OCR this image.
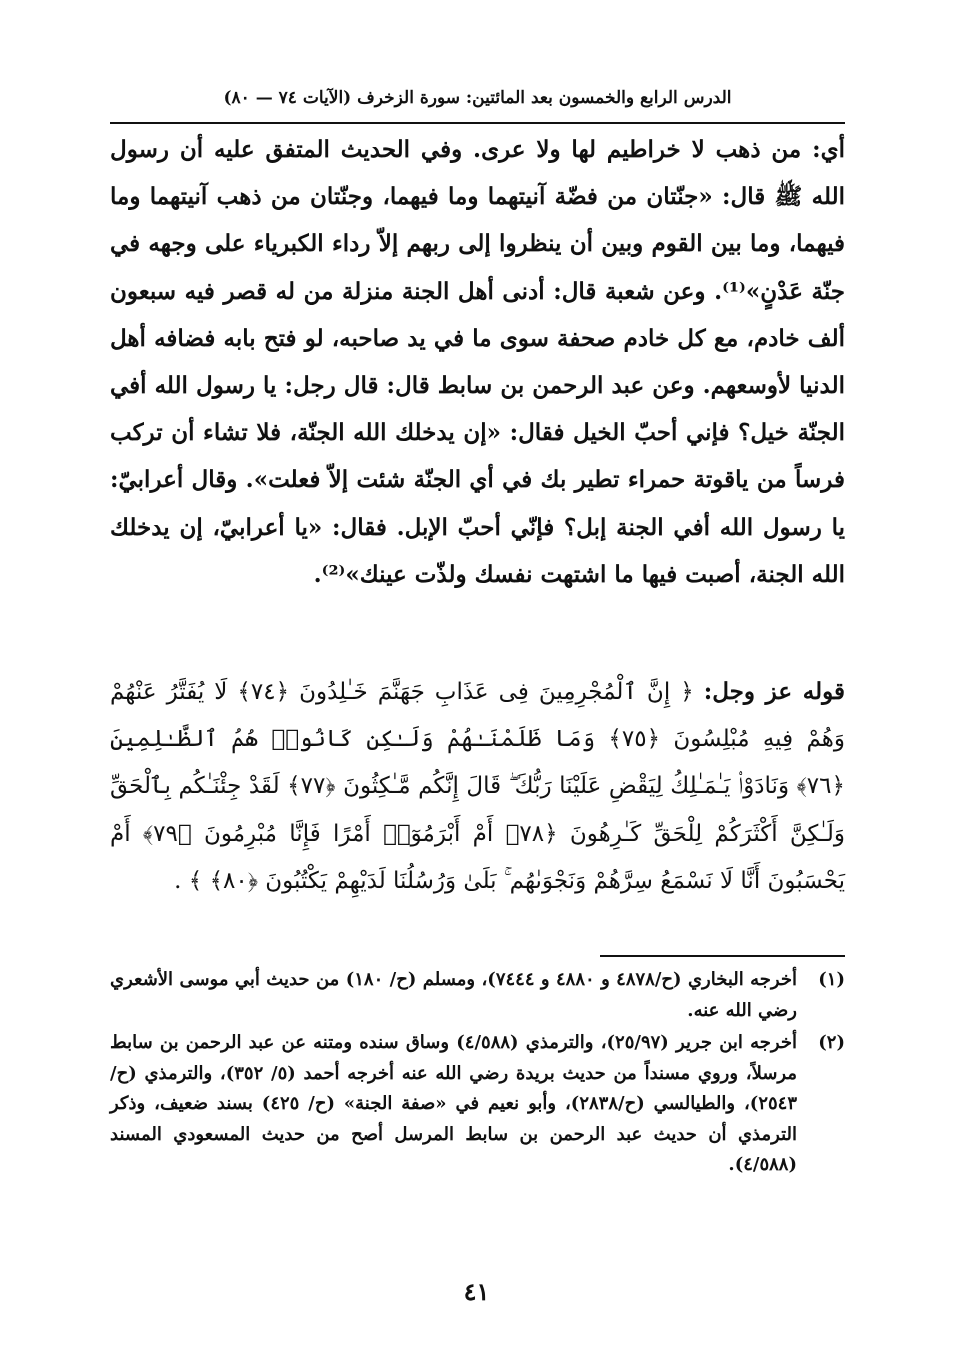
الدرس الرابع والخمسون بعد المائتين: سورة الزخرف (الآيات ٧٤ — ٨٠)
أي: من ذهب لا خراطيم لها ولا عرى. وفي الحديث المتفق عليه أن رسول الله ﷺ قال: «جنّتان من فضّة آنيتهما وما فيهما، وجنّتان من ذهب آنيتهما وما فيهما، وما بين القوم وبين أن ينظروا إلى ربهم إلاّ رداء الكبرياء على وجهه في جنّة عَدْنٍ»⁽¹⁾. وعن شعبة قال: أدنى أهل الجنة منزلة من له قصر فيه سبعون ألف خادم، مع كل خادم صحفة سوى ما في يد صاحبه، لو فتح بابه فضافه أهل الدنيا لأوسعهم. وعن عبد الرحمن بن سابط قال: قال رجل: يا رسول الله أفي الجنّة خيل؟ فإني أحبّ الخيل فقال: «إن يدخلك الله الجنّة، فلا تشاء أن تركب فرساً من ياقوتة حمراء تطير بك في أي الجنّة شئت إلاّ فعلت». وقال أعرابيّ: يا رسول الله أفي الجنة إبل؟ فإنّي أحبّ الإبل. فقال: «يا أعرابيّ، إن يدخلك الله الجنة، أصبت فيها ما اشتهت نفسك ولذّت عينك»⁽²⁾.
قوله عز وجل: ﴿ إِنَّ ٱلْمُجْرِمِينَ فِى عَذَابِ جَهَنَّمَ خَـٰلِدُونَ ﴿٧٤﴾ لَا يُفَتَّرُ عَنْهُمْ وَهُمْ فِيهِ مُبْلِسُونَ ﴿٧٥﴾ وَمَا ظَلَمْنَـٰهُمْ وَلَـٰكِن كَانُوا۟ هُمُ ٱلظَّـٰلِمِينَ ﴿٧٦﴾ وَنَادَوْا۟ يَـٰمَـٰلِكُ لِيَقْضِ عَلَيْنَا رَبُّكَ ۖ قَالَ إِنَّكُم مَّـٰكِثُونَ ﴿٧٧﴾ لَقَدْ جِئْنَـٰكُم بِٱلْحَقِّ وَلَـٰكِنَّ أَكْثَرَكُمْ لِلْحَقِّ كَـٰرِهُونَ ﴿٧٨﴾ أَمْ أَبْرَمُوٓا۟ أَمْرًا فَإِنَّا مُبْرِمُونَ ﴿٧٩﴾ أَمْ يَحْسَبُونَ أَنَّا لَا نَسْمَعُ سِرَّهُمْ وَنَجْوَىٰهُم ۚ بَلَىٰ وَرُسُلُنَا لَدَيْهِمْ يَكْتُبُونَ ﴿٨٠﴾ ﴾ .
(١)
أخرجه البخاري (ح/٤٨٧٨ و ٤٨٨٠ و ٧٤٤٤)، ومسلم (ح/ ١٨٠) من حديث أبي موسى الأشعري رضي الله عنه.
(٢)
أخرجه ابن جرير (٢٥/٩٧)، والترمذي (٤/٥٨٨) وساق سنده ومتنه عن عبد الرحمن بن سابط مرسلاً، وروي مسنداً من حديث بريدة رضي الله عنه أخرجه أحمد (٥/ ٣٥٢)، والترمذي (ح/٢٥٤٣)، والطيالسي (ح/٢٨٣٨)، وأبو نعيم في «صفة الجنة» (ح/ ٤٢٥) بسند ضعيف، وذكر الترمذي أن حديث عبد الرحمن بن سابط المرسل أصح من حديث المسعودي المسند (٤/٥٨٨).
٤١
